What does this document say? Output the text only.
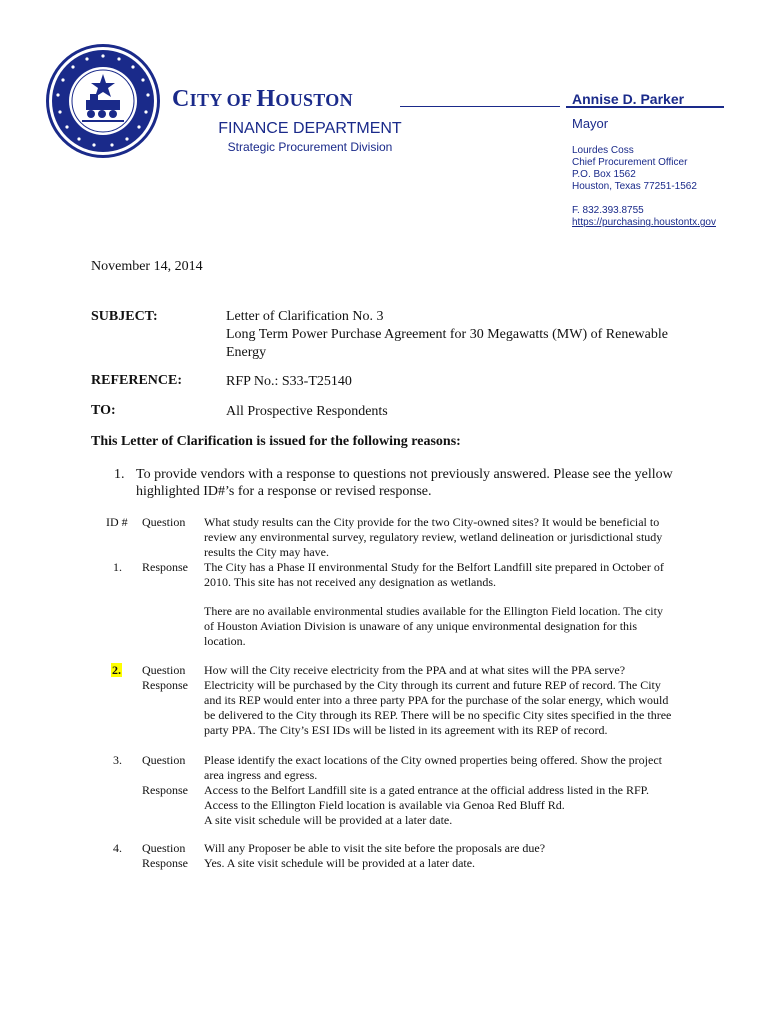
CITY OF HOUSTON
FINANCE DEPARTMENT
Strategic Procurement Division
Annise D. Parker
Mayor
Lourdes Coss
Chief Procurement Officer
P.O. Box 1562
Houston, Texas 77251-1562
F. 832.393.8755
https://purchasing.houstontx.gov
November 14, 2014
SUBJECT:	Letter of Clarification No. 3
Long Term Power Purchase Agreement for 30 Megawatts (MW) of Renewable
Energy
REFERENCE:	RFP No.: S33-T25140
TO:	All Prospective Respondents
This Letter of Clarification is issued for the following reasons:
1. To provide vendors with a response to questions not previously answered. Please see the yellow
highlighted ID#’s for a response or revised response.
ID # Question What study results can the City provide for the two City-owned sites? It would be beneficial to
review any environmental survey, regulatory review, wetland delineation or jurisdictional study
results the City may have.
1. Response The City has a Phase II environmental Study for the Belfort Landfill site prepared in October of
2010. This site has not received any designation as wetlands.
There are no available environmental studies available for the Ellington Field location. The city
of Houston Aviation Division is unaware of any unique environmental designation for this
location.
2. Question How will the City receive electricity from the PPA and at what sites will the PPA serve?
Response Electricity will be purchased by the City through its current and future REP of record. The City
and its REP would enter into a three party PPA for the purchase of the solar energy, which would
be delivered to the City through its REP. There will be no specific City sites specified in the three
party PPA. The City’s ESI IDs will be listed in its agreement with its REP of record.
3. Question Please identify the exact locations of the City owned properties being offered. Show the project
area ingress and egress.
Response Access to the Belfort Landfill site is a gated entrance at the official address listed in the RFP.
Access to the Ellington Field location is available via Genoa Red Bluff Rd.
A site visit schedule will be provided at a later date.
4. Question Will any Proposer be able to visit the site before the proposals are due?
Response Yes. A site visit schedule will be provided at a later date.
